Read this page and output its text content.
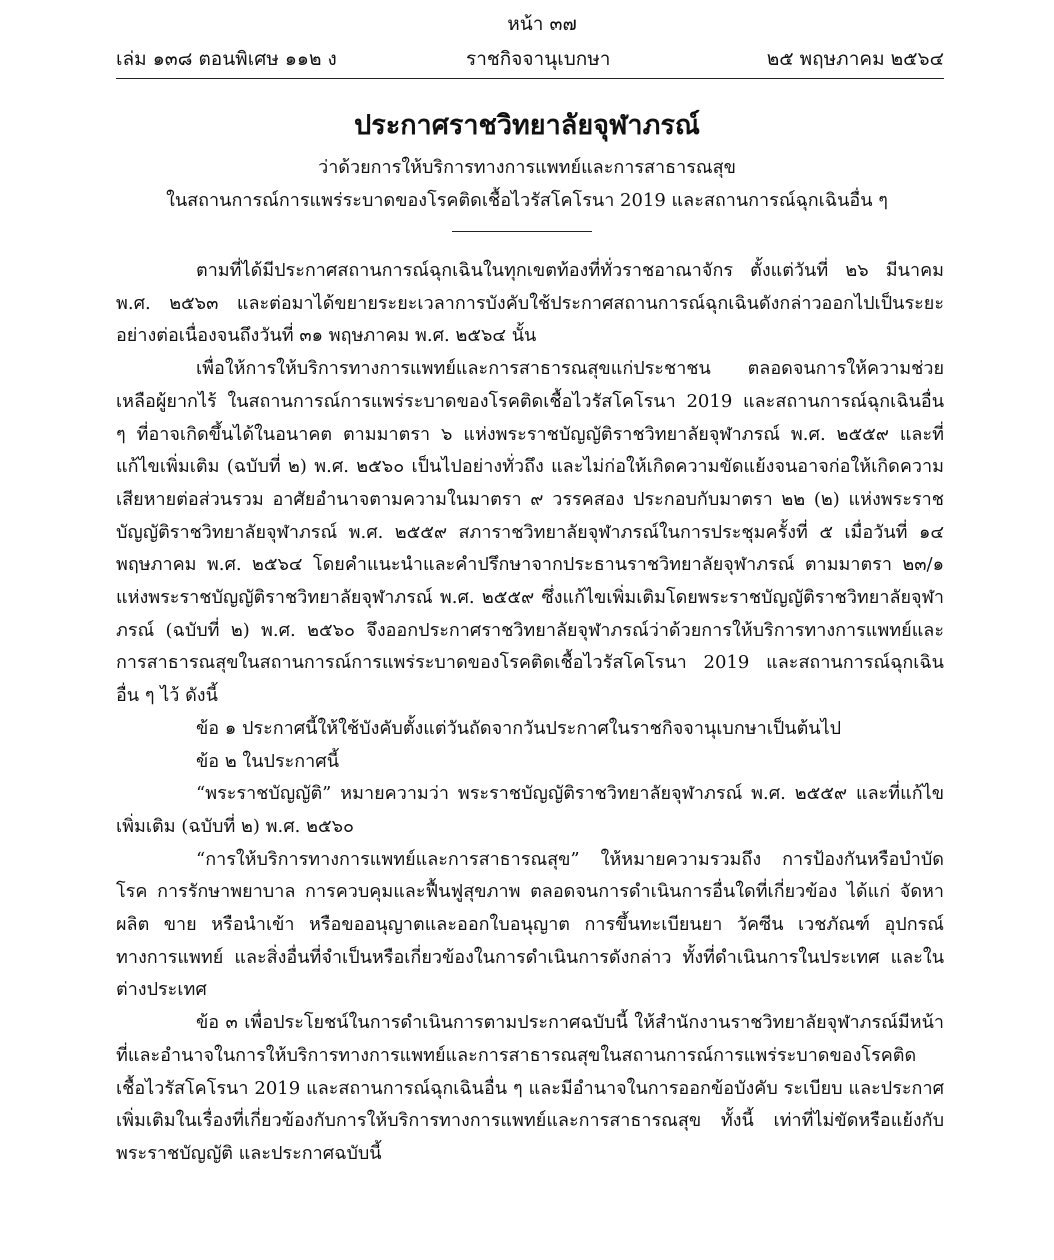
หน้า ๓๗
เล่ม ๑๓๘ ตอนพิเศษ ๑๑๒ ง	ราชกิจจานุเบกษา	๒๕ พฤษภาคม ๒๕๖๔
ประกาศราชวิทยาลัยจุฬาภรณ์
ว่าด้วยการให้บริการทางการแพทย์และการสาธารณสุข
ในสถานการณ์การแพร่ระบาดของโรคติดเชื้อไวรัสโคโรนา 2019 และสถานการณ์ฉุกเฉินอื่น ๆ

ตามที่ได้มีประกาศสถานการณ์ฉุกเฉินในทุกเขตท้องที่ทั่วราชอาณาจักร ตั้งแต่วันที่ ๒๖ มีนาคม พ.ศ. ๒๕๖๓ และต่อมาได้ขยายระยะเวลาการบังคับใช้ประกาศสถานการณ์ฉุกเฉินดังกล่าวออกไปเป็นระยะอย่างต่อเนื่องจนถึงวันที่ ๓๑ พฤษภาคม พ.ศ. ๒๕๖๔ นั้น

เพื่อให้การให้บริการทางการแพทย์และการสาธารณสุขแก่ประชาชน ตลอดจนการให้ความช่วยเหลือผู้ยากไร้ ในสถานการณ์การแพร่ระบาดของโรคติดเชื้อไวรัสโคโรนา 2019 และสถานการณ์ฉุกเฉินอื่น ๆ ที่อาจเกิดขึ้นได้ในอนาคต ตามมาตรา ๖ แห่งพระราชบัญญัติราชวิทยาลัยจุฬาภรณ์ พ.ศ. ๒๕๕๙ และที่แก้ไขเพิ่มเติม (ฉบับที่ ๒) พ.ศ. ๒๕๖๐ เป็นไปอย่างทั่วถึง และไม่ก่อให้เกิดความขัดแย้งจนอาจก่อให้เกิดความเสียหายต่อส่วนรวม อาศัยอำนาจตามความในมาตรา ๙ วรรคสอง ประกอบกับมาตรา ๒๒ (๒) แห่งพระราชบัญญัติราชวิทยาลัยจุฬาภรณ์ พ.ศ. ๒๕๕๙ สภาราชวิทยาลัยจุฬาภรณ์ในการประชุมครั้งที่ ๕ เมื่อวันที่ ๑๔ พฤษภาคม พ.ศ. ๒๕๖๔ โดยคำแนะนำและคำปรึกษาจากประธานราชวิทยาลัยจุฬาภรณ์ ตามมาตรา ๒๓/๑ แห่งพระราชบัญญัติราชวิทยาลัยจุฬาภรณ์ พ.ศ. ๒๕๕๙ ซึ่งแก้ไขเพิ่มเติมโดยพระราชบัญญัติราชวิทยาลัยจุฬาภรณ์ (ฉบับที่ ๒) พ.ศ. ๒๕๖๐ จึงออกประกาศราชวิทยาลัยจุฬาภรณ์ว่าด้วยการให้บริการทางการแพทย์และการสาธารณสุขในสถานการณ์การแพร่ระบาดของโรคติดเชื้อไวรัสโคโรนา 2019 และสถานการณ์ฉุกเฉินอื่น ๆ ไว้ ดังนี้

ข้อ ๑ ประกาศนี้ให้ใช้บังคับตั้งแต่วันถัดจากวันประกาศในราชกิจจานุเบกษาเป็นต้นไป

ข้อ ๒ ในประกาศนี้

“พระราชบัญญัติ” หมายความว่า พระราชบัญญัติราชวิทยาลัยจุฬาภรณ์ พ.ศ. ๒๕๕๙ และที่แก้ไขเพิ่มเติม (ฉบับที่ ๒) พ.ศ. ๒๕๖๐

“การให้บริการทางการแพทย์และการสาธารณสุข” ให้หมายความรวมถึง การป้องกันหรือบำบัดโรค การรักษาพยาบาล การควบคุมและฟื้นฟูสุขภาพ ตลอดจนการดำเนินการอื่นใดที่เกี่ยวข้อง ได้แก่ จัดหา ผลิต ขาย หรือนำเข้า หรือขออนุญาตและออกใบอนุญาต การขึ้นทะเบียนยา วัคซีน เวชภัณฑ์ อุปกรณ์ทางการแพทย์ และสิ่งอื่นที่จำเป็นหรือเกี่ยวข้องในการดำเนินการดังกล่าว ทั้งที่ดำเนินการในประเทศ และในต่างประเทศ

ข้อ ๓ เพื่อประโยชน์ในการดำเนินการตามประกาศฉบับนี้ ให้สำนักงานราชวิทยาลัยจุฬาภรณ์มีหน้าที่และอำนาจในการให้บริการทางการแพทย์และการสาธารณสุขในสถานการณ์การแพร่ระบาดของโรคติดเชื้อไวรัสโคโรนา 2019 และสถานการณ์ฉุกเฉินอื่น ๆ และมีอำนาจในการออกข้อบังคับ ระเบียบ และประกาศเพิ่มเติมในเรื่องที่เกี่ยวข้องกับการให้บริการทางการแพทย์และการสาธารณสุข ทั้งนี้ เท่าที่ไม่ขัดหรือแย้งกับพระราชบัญญัติ และประกาศฉบับนี้
